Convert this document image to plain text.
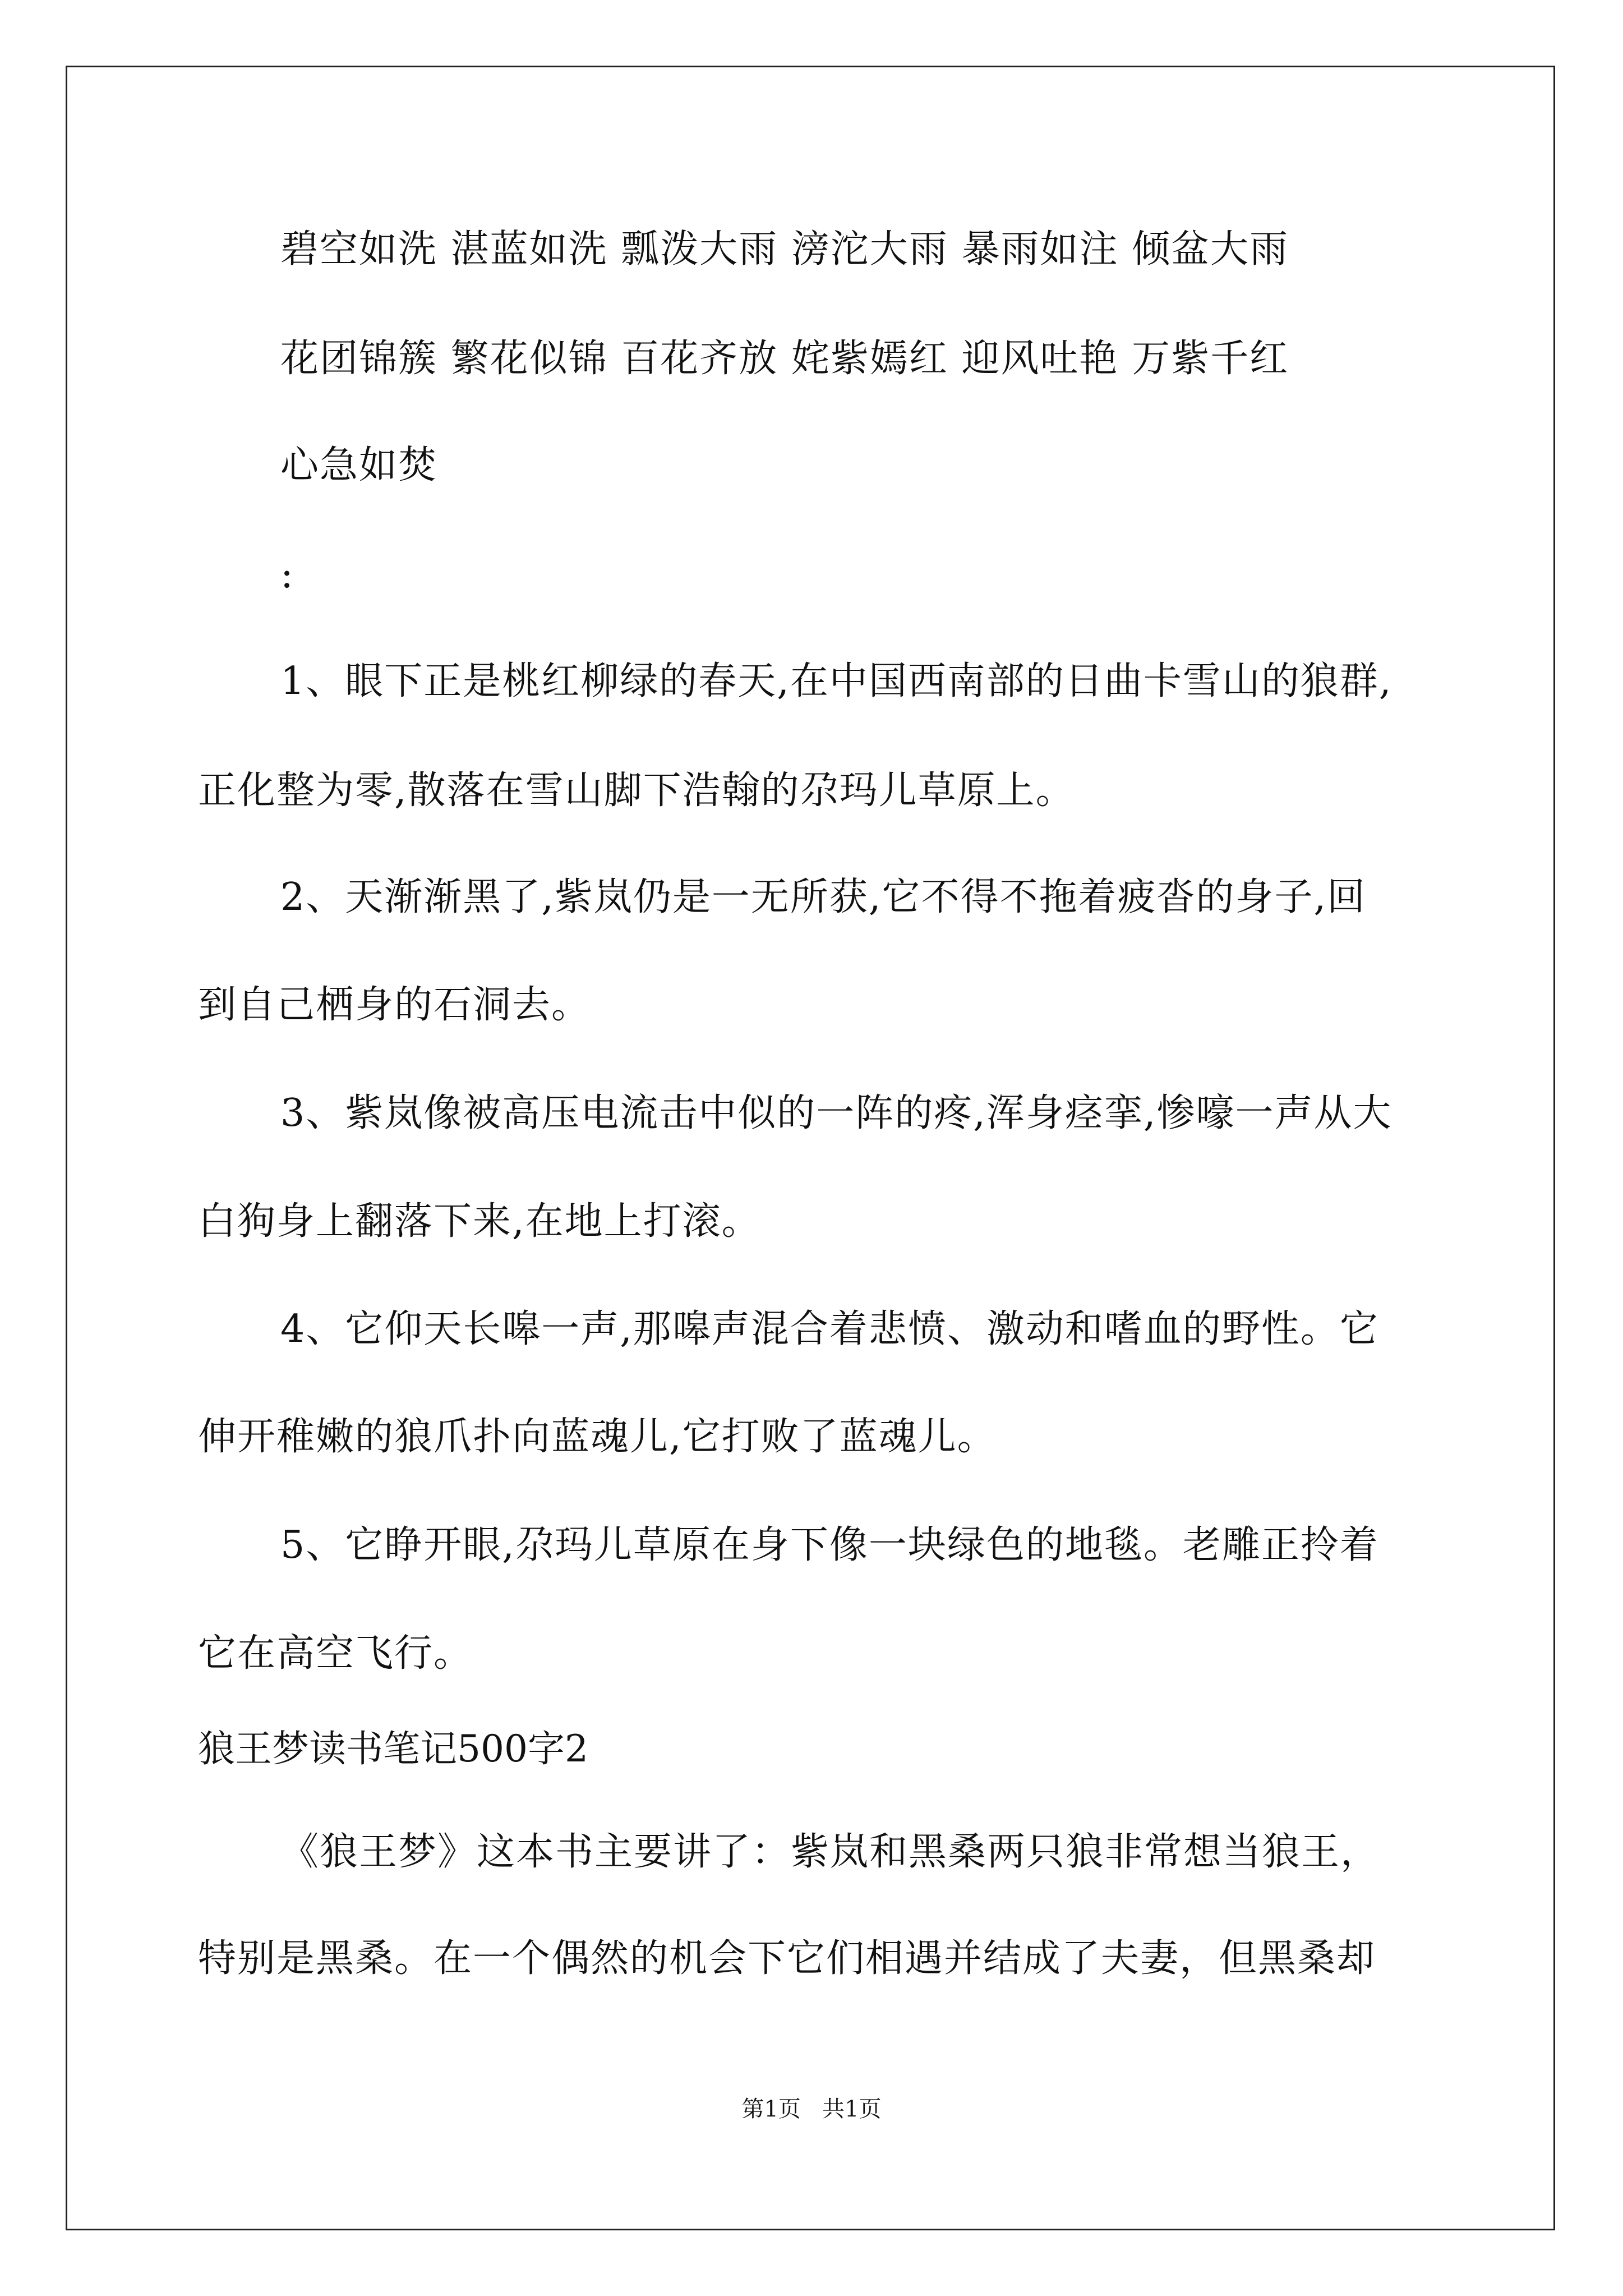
碧空如洗 湛蓝如洗 瓢泼大雨 滂沱大雨 暴雨如注 倾盆大雨
花团锦簇 繁花似锦 百花齐放 姹紫嫣红 迎风吐艳 万紫千红
心急如焚
:
1、眼下正是桃红柳绿的春天,在中国西南部的日曲卡雪山的狼群,
正化整为零,散落在雪山脚下浩翰的尕玛儿草原上。
2、天渐渐黑了,紫岚仍是一无所获,它不得不拖着疲沓的身子,回
到自己栖身的石洞去。
3、紫岚像被高压电流击中似的一阵的疼,浑身痉挛,惨嚎一声从大
白狗身上翻落下来,在地上打滚。
4、它仰天长嗥一声,那嗥声混合着悲愤、激动和嗜血的野性。它
伸开稚嫩的狼爪扑向蓝魂儿,它打败了蓝魂儿。
5、它睁开眼,尕玛儿草原在身下像一块绿色的地毯。老雕正拎着
它在高空飞行。
狼王梦读书笔记500字2
《狼王梦》这本书主要讲了：紫岚和黑桑两只狼非常想当狼王，
特别是黑桑。在一个偶然的机会下它们相遇并结成了夫妻，但黑桑却
第1页   共1页
